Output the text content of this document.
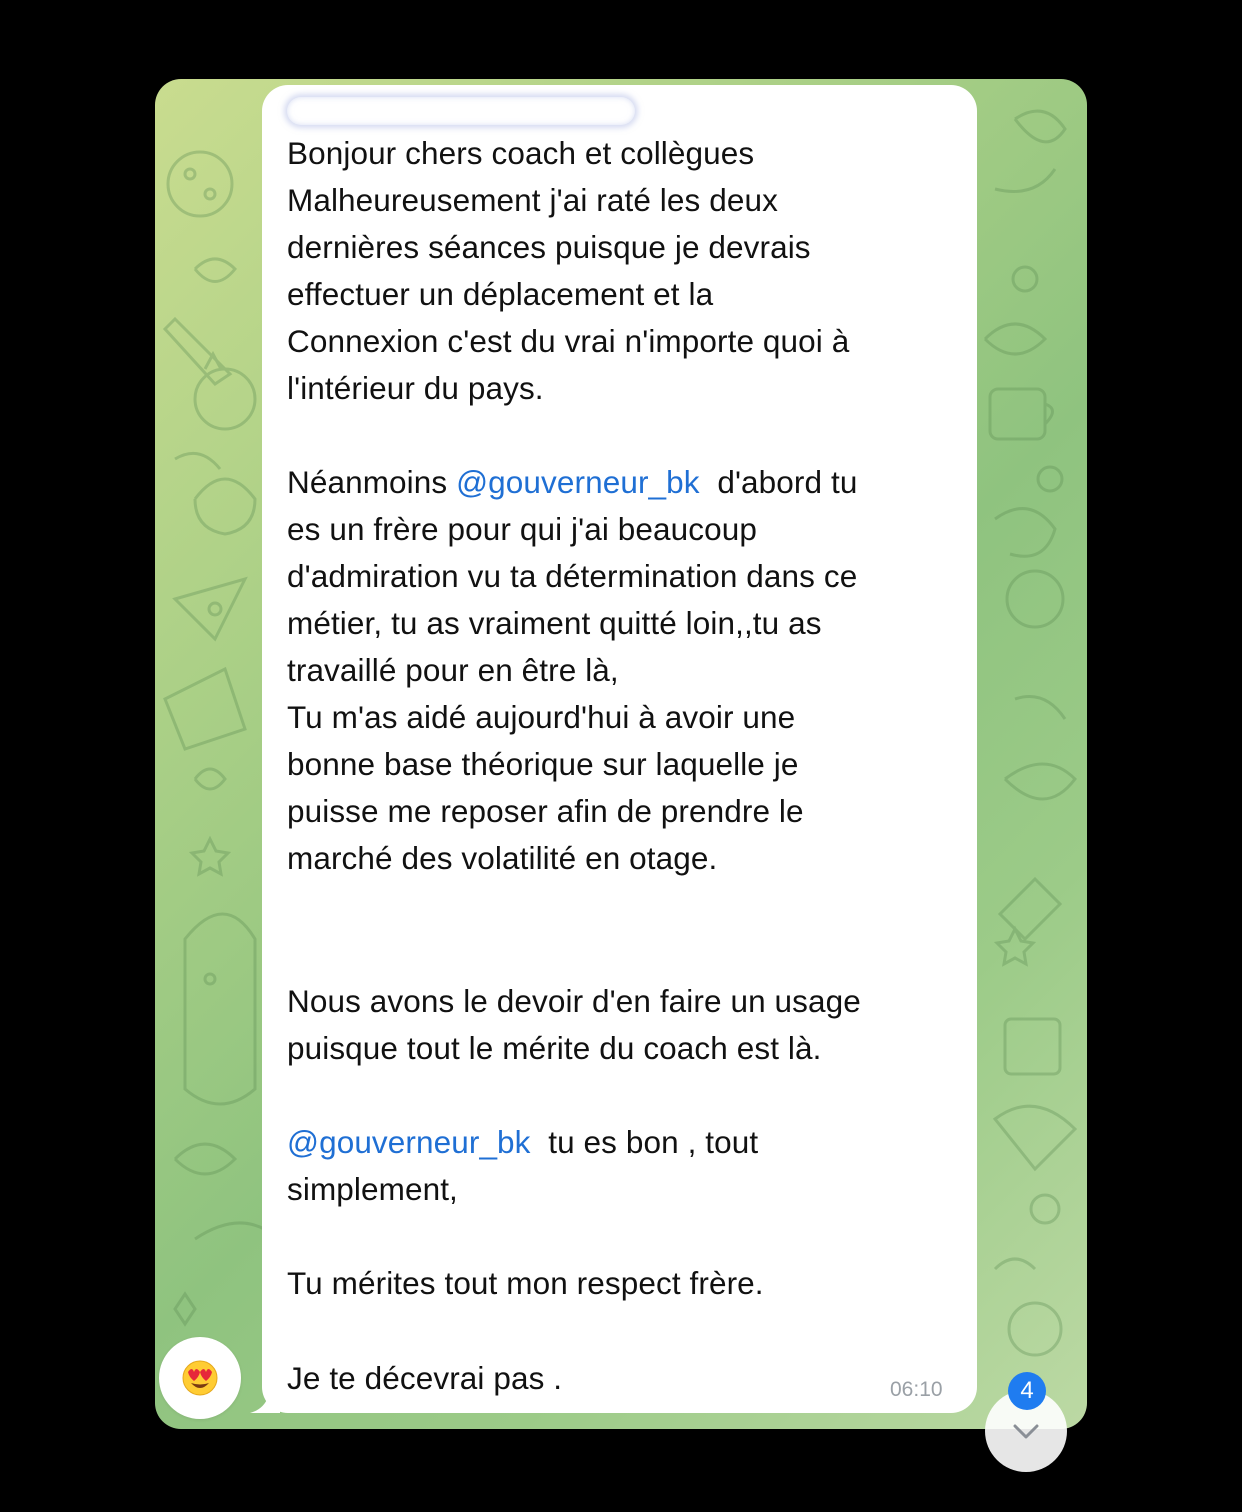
Bonjour chers coach et collègues
Malheureusement j'ai raté les deux
dernières séances puisque je devrais
effectuer un déplacement et la
Connexion c'est du vrai n'importe quoi à
l'intérieur du pays.
Néanmoins @gouverneur_bk  d'abord tu
es un frère pour qui j'ai beaucoup
d'admiration vu ta détermination dans ce
métier, tu as vraiment quitté loin,,tu as
travaillé pour en être là,
Tu m'as aidé aujourd'hui à avoir une
bonne base théorique sur laquelle je
puisse me reposer afin de prendre le
marché des volatilité en otage.
Nous avons le devoir d'en faire un usage
puisque tout le mérite du coach est là.
@gouverneur_bk  tu es bon , tout
simplement,
Tu mérites tout mon respect frère.
Je te décevrai pas .	06:10	4
